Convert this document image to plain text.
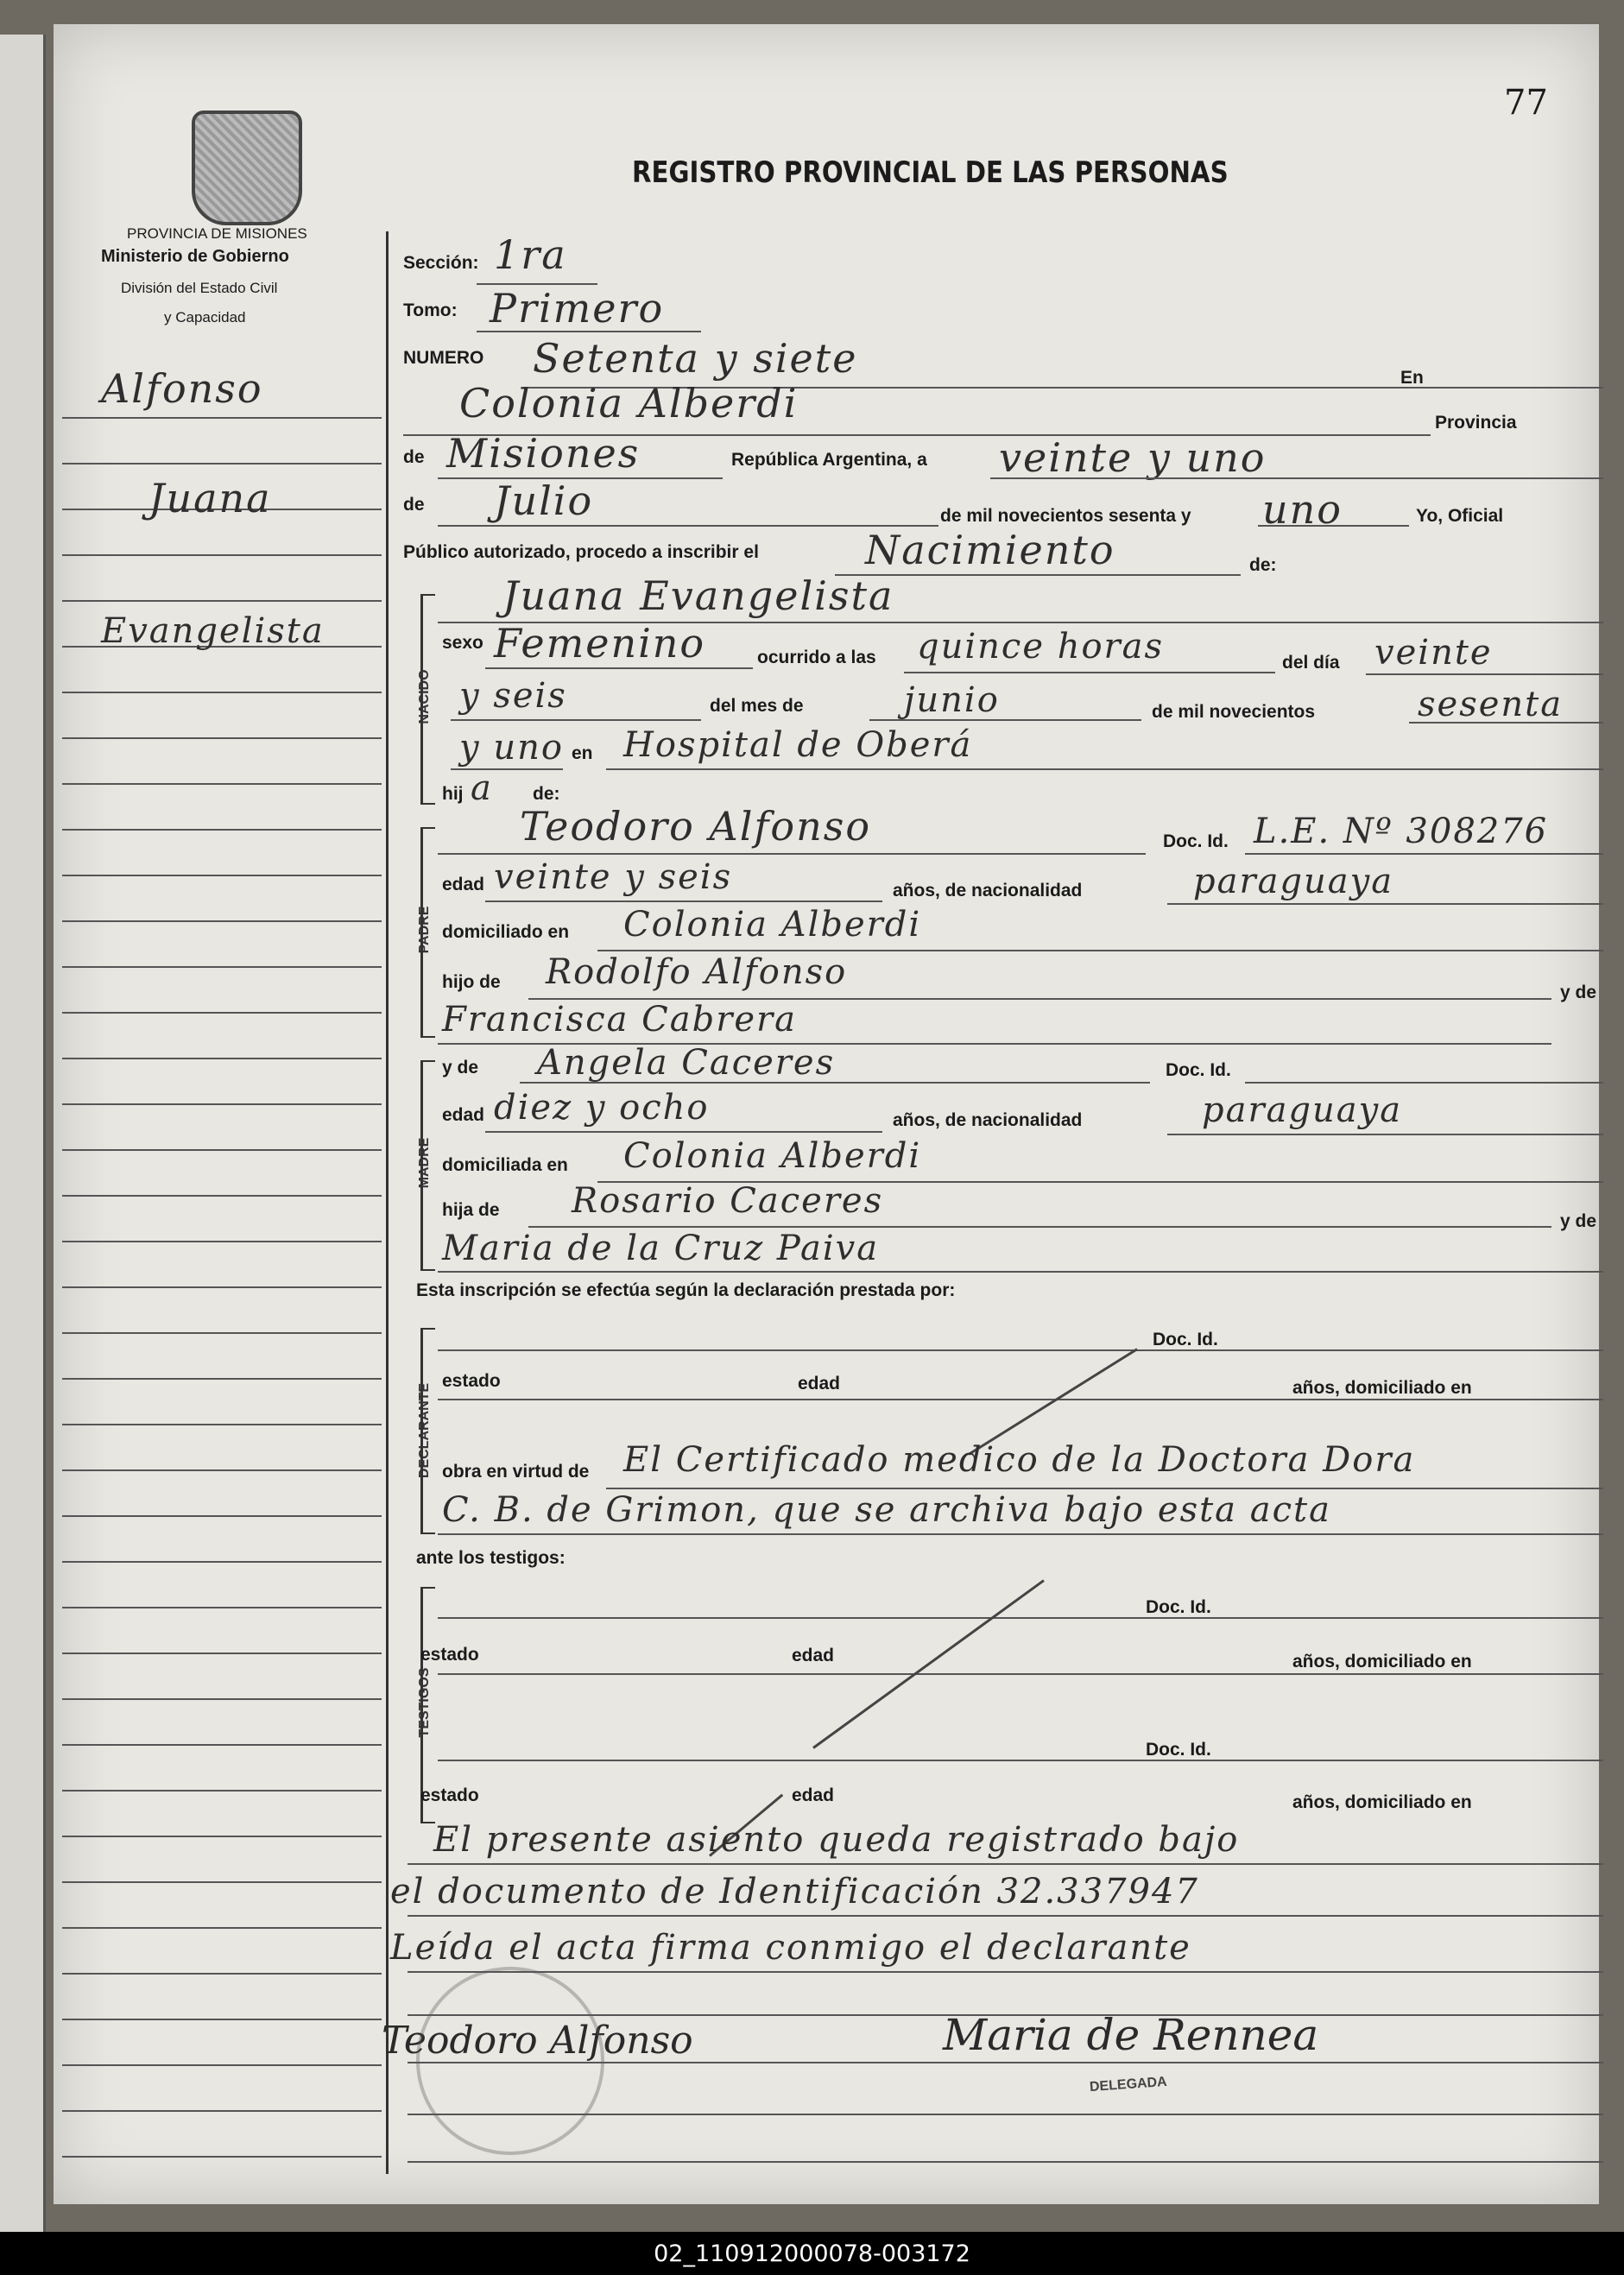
77
PROVINCIA DE MISIONES
Ministerio de Gobierno
División del Estado Civil
y Capacidad
REGISTRO PROVINCIAL DE LAS PERSONAS
Alfonso
Juana
Evangelista
Sección: 1ra
Tomo: Primero
NUMERO Setenta y siete	En
Colonia Alberdi	Provincia
de Misiones	República Argentina, a veinte y uno
de Julio	de mil novecientos sesenta y uno	Yo, Oficial
Público autorizado, procedo a inscribir el	Nacimiento	de:
NACIDO
Juana Evangelista
sexo Femenino	ocurrido a las quince horas	del día veinte
y seis	del mes de	junio	de mil novecientos	sesenta
y uno en Hospital de Oberá
hij a de:
PADRE
Teodoro Alfonso	Doc. Id. L.E. Nº 308276
edad veinte y seis	años, de nacionalidad	paraguaya
domiciliado en Colonia Alberdi
hijo de Rodolfo Alfonso
y de
Francisca Cabrera
MADRE
y de Angela Caceres	Doc. Id.
edad diez y ocho	años, de nacionalidad	paraguaya
domiciliada en Colonia Alberdi
hija de Rosario Caceres
y de
Maria de la Cruz Paiva
Esta inscripción se efectúa según la declaración prestada por:
DECLARANTE
Doc. Id.
estado	edad	años, domiciliado en
obra en virtud de El Certificado medico de la Doctora Dora
C. B. de Grimon, que se archiva bajo esta acta
ante los testigos:
TESTIGOS
Doc. Id.
estado	edad	años, domiciliado en
Doc. Id.
estado	edad	años, domiciliado en
El presente asiento queda registrado bajo
el documento de Identificación 32.337947
Leída el acta firma conmigo el declarante
Teodoro Alfonso	Maria de Rennea
DELEGADA
02_110912000078-003172
